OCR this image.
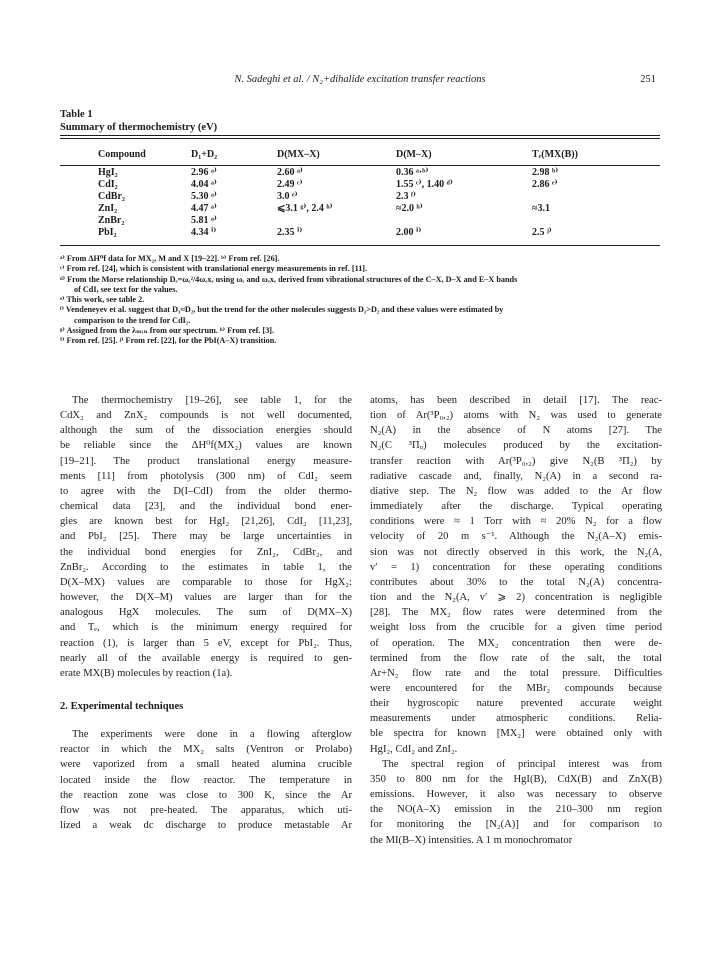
N. Sadeghi et al. / N₂+dihalide excitation transfer reactions	251
Table 1
Summary of thermochemistry (eV)
	Compound	D₁+D₂	D(MX–X)	D(M–X)	Tₑ(MX(B))

	HgI₂	2.96 ᵃ⁾	2.60 ᵃ⁾	0.36 ᵃ·ᵇ⁾	2.98 ᵇ⁾
	CdI₂	4.04 ᵃ⁾	2.49 ᶜ⁾	1.55 ᶜ⁾, 1.40 ᵈ⁾	2.86 ᵉ⁾
	CdBr₂	5.30 ᵃ⁾	3.0 ᵉ⁾	2.3 ᶠ⁾	
	ZnI₂	4.47 ᵃ⁾	⩽3.1 ᵍ⁾, 2.4 ʰ⁾	≈2.0 ʰ⁾	≈3.1
	ZnBr₂	5.81 ᵃ⁾			
	PbI₂	4.34 ⁱ⁾	2.35 ⁱ⁾	2.00 ⁱ⁾	2.5 ʲ⁾

ᵃ⁾ From ΔH⁰f data for MX₂, M and X [19–22]. ᵇ⁾ From ref. [26].

ᶜ⁾ From ref. [24], which is consistent with translational energy measurements in ref. [11].

ᵈ⁾ From the Morse relationship Dₑ=ωₑ²/4ωₑxₑ using ωₑ and ωₑxₑ derived from vibrational structures of the C–X, D–X and E–X bands

of CdI, see text for the values.

ᵉ⁾ This work, see table 2.

ᶠ⁾ Vendeneyev et al. suggest that D₁≈D₂, but the trend for the other molecules suggests D₁>D₂ and these values were estimated by

comparison to the trend for CdI₂.

ᵍ⁾ Assigned from the λₘᵢₙ from our spectrum. ʰ⁾ From ref. [3].

ⁱ⁾ From ref. [25]. ʲ⁾ From ref. [22], for the PbI(A–X) transition.

The thermochemistry [19–26], see table 1, for the

CdX₂ and ZnX₂ compounds is not well documented,

although the sum of the dissociation energies should

be reliable since the ΔH⁰f(MX₂) values are known

[19–21]. The product translational energy measure-

ments [11] from photolysis (300 nm) of CdI₂ seem

to agree with the D(I–CdI) from the older thermo-

chemical data [23], and the individual bond ener-

gies are known best for HgI₂ [21,26], CdI₂ [11,23],

and PbI₂ [25]. There may be large uncertainties in

the individual bond energies for ZnI₂, CdBr₂, and

ZnBr₂. According to the estimates in table 1, the

D(X–MX) values are comparable to those for HgX₂:

however, the D(X–M) values are larger than for the

analogous HgX molecules. The sum of D(MX–X)

and Tₑ, which is the minimum energy required for

reaction (1), is larger than 5 eV, except for PbI₂. Thus,

nearly all of the available energy is required to gen-

erate MX(B) molecules by reaction (1a).

2. Experimental techniques

The experiments were done in a flowing afterglow

reactor in which the MX₂ salts (Ventron or Prolabo)

were vaporized from a small heated alumina crucible

located inside the flow reactor. The temperature in

the reaction zone was close to 300 K, since the Ar

flow was not pre-heated. The apparatus, which uti-

lized a weak dc discharge to produce metastable Ar

atoms, has been described in detail [17]. The reac-

tion of Ar(³P₀,₂) atoms with N₂ was used to generate

N₂(A) in the absence of N atoms [27]. The

N₂(C ³Πᵤ) molecules produced by the excitation-

transfer reaction with Ar(³P₀,₂) give N₂(B ³Π₂) by

radiative cascade and, finally, N₂(A) in a second ra-

diative step. The N₂ flow was added to the Ar flow

immediately after the discharge. Typical operating

conditions were ≈ 1 Torr with ≈ 20% N₂ for a flow

velocity of 20 m s⁻¹. Although the N₂(A–X) emis-

sion was not directly observed in this work, the N₂(A,

v′ = 1) concentration for these operating conditions

contributes about 30% to the total N₂(A) concentra-

tion and the N₂(A, v′ ⩾ 2) concentration is negligible

[28]. The MX₂ flow rates were determined from the

weight loss from the crucible for a given time period

of operation. The MX₂ concentration then were de-

termined from the flow rate of the salt, the total

Ar+N₂ flow rate and the total pressure. Difficulties

were encountered for the MBr₂ compounds because

their hygroscopic nature prevented accurate weight

measurements under atmospheric conditions. Relia-

ble spectra for known [MX₂] were obtained only with

HgI₂, CdI₂ and ZnI₂.

The spectral region of principal interest was from

350 to 800 nm for the HgI(B), CdX(B) and ZnX(B)

emissions. However, it also was necessary to observe

the NO(A–X) emission in the 210–300 nm region

for monitoring the [N₂(A)] and for comparison to

the MI(B–X) intensities. A 1 m monochromator
